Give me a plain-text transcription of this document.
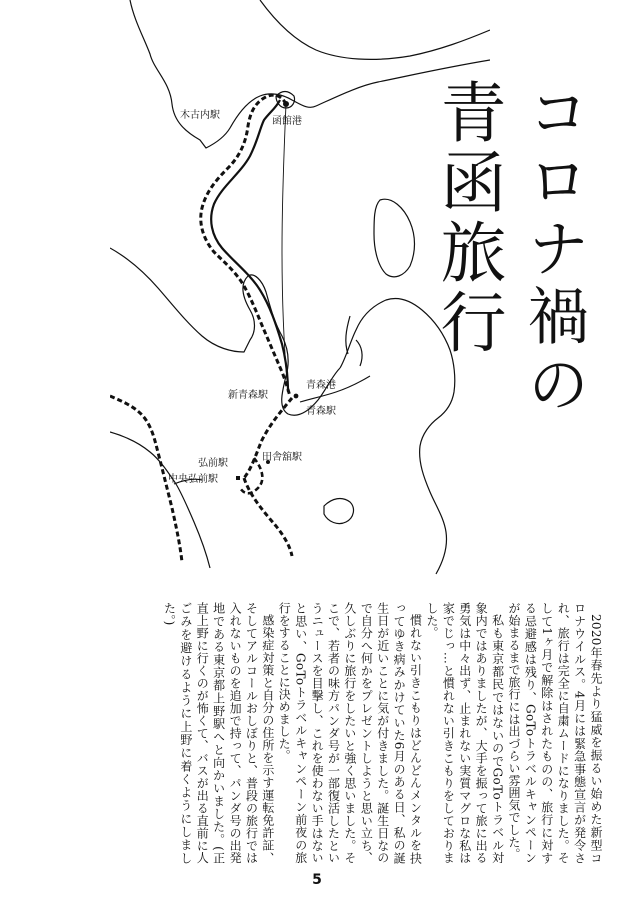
木古内駅
函館港
青森港
青森駅
新青森駅
弘前駅
田舎舘駅
中央弘前駅
コロナ禍の
青函旅行

2020年春先より猛威を振るい始めた新型コロナウイルス。4月には緊急事態宣言が発令され、旅行は完全に自粛ムードになりました。そして1ヶ月で解除はされたものの、旅行に対する忌避感は残り、GoToトラベルキャンペーンが始まるまで旅行には出づらい雰囲気でした。

私も東京都民ではないのでGoToトラベル対象内ではありましたが、大手を振って旅に出る勇気は中々出ず、止まれない実質マグロな私は家でじっ…と慣れない引きこもりをしておりました。

慣れない引きこもりはどんどんメンタルを抉ってゆき病みかけていた6月のある日、私の誕生日が近いことに気が付きました。誕生日なので自分へ何かをプレゼントしようと思い立ち、久しぶりに旅行をしたいと強く思いました。そこで、若者の味方パンダ号が一部復活したというニュースを目撃し、これを使わない手はないと思い、GoToトラベルキャンペーン前夜の旅行をすることに決めました。

感染症対策と自分の住所を示す運転免許証、そしてアルコールおしぼりと、普段の旅行では入れないものを追加で持って、パンダ号の出発地である東京都上野駅へと向かいました。(正直上野に行くのが怖くて、バスが出る直前に人ごみを避けるように上野に着くようにしました。)

5
